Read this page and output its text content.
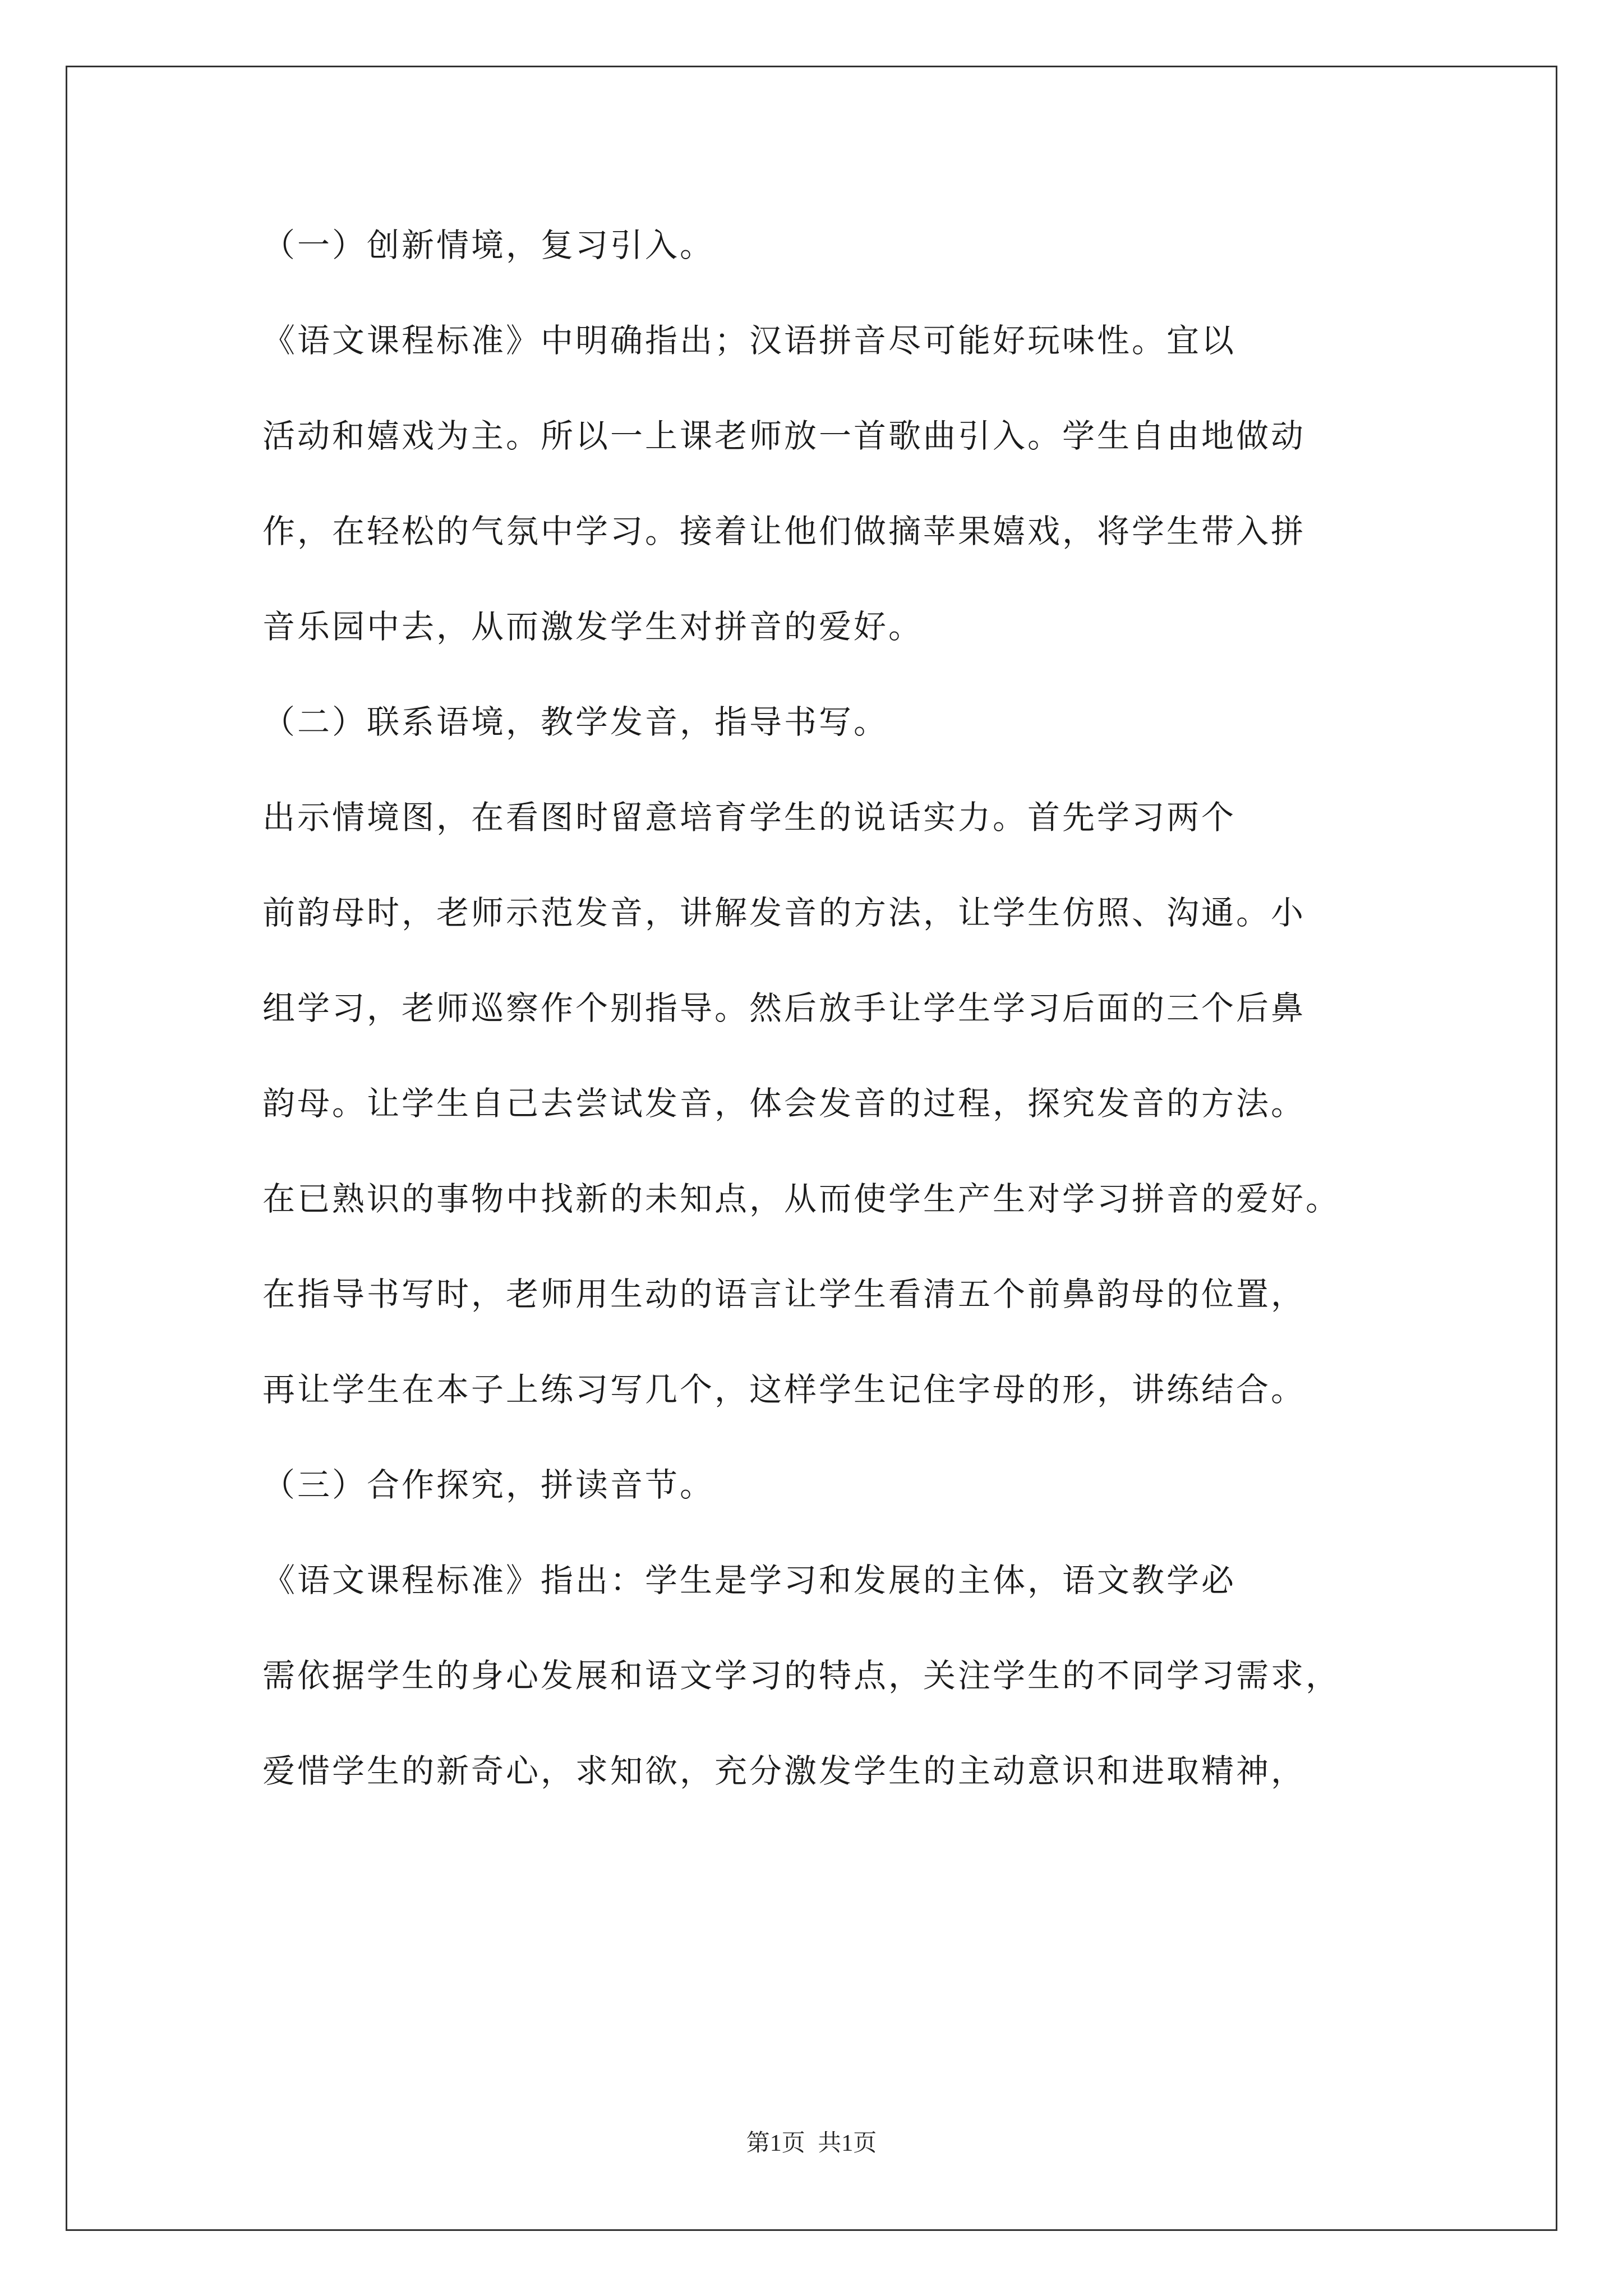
（一）创新情境，复习引入。

《语文课程标准》中明确指出；汉语拼音尽可能好玩味性。宜以
活动和嬉戏为主。所以一上课老师放一首歌曲引入。学生自由地做动
作，在轻松的气氛中学习。接着让他们做摘苹果嬉戏，将学生带入拼
音乐园中去，从而激发学生对拼音的爱好。

（二）联系语境，教学发音，指导书写。

出示情境图，在看图时留意培育学生的说话实力。首先学习两个
前韵母时，老师示范发音，讲解发音的方法，让学生仿照、沟通。小
组学习，老师巡察作个别指导。然后放手让学生学习后面的三个后鼻
韵母。让学生自己去尝试发音，体会发音的过程，探究发音的方法。
在已熟识的事物中找新的未知点，从而使学生产生对学习拼音的爱好。
在指导书写时，老师用生动的语言让学生看清五个前鼻韵母的位置，
再让学生在本子上练习写几个，这样学生记住字母的形，讲练结合。

（三）合作探究，拼读音节。

《语文课程标准》指出：学生是学习和发展的主体，语文教学必
需依据学生的身心发展和语文学习的特点，关注学生的不同学习需求，
爱惜学生的新奇心，求知欲，充分激发学生的主动意识和进取精神，

第1页 共1页
